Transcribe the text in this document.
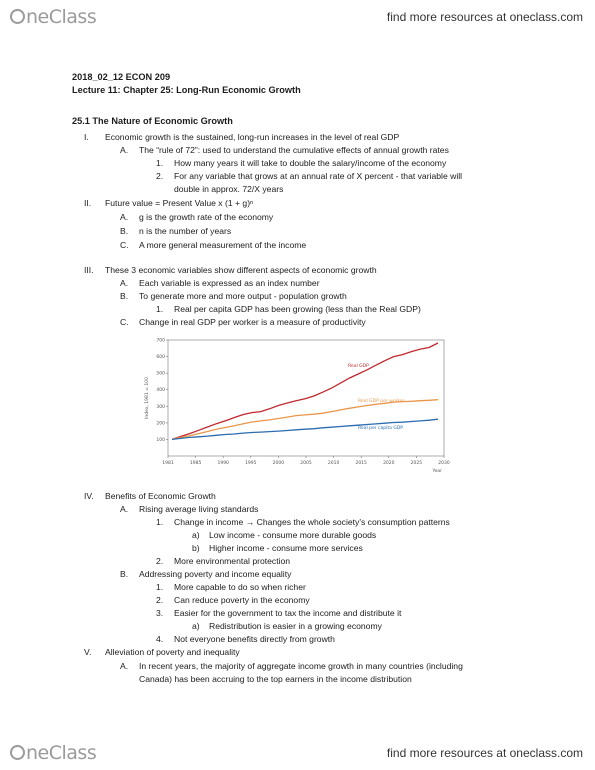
neClass	find more resources at oneclass.com
2018_02_12 ECON 209
Lecture 11: Chapter 25: Long-Run Economic Growth
25.1 The Nature of Economic Growth
I. Economic growth is the sustained, long-run increases in the level of real GDP
A. The “rule of 72”: used to understand the cumulative effects of annual growth rates
1. How many years it will take to double the salary/income of the economy
2. For any variable that grows at an annual rate of X percent - that variable will
double in approx. 72/X years
II. Future value = Present Value x (1 + g)ⁿ
A. g is the growth rate of the economy
B. n is the number of years
C. A more general measurement of the income
III. These 3 economic variables show different aspects of economic growth
A. Each variable is expressed as an index number
B. To generate more and more output - population growth
1. Real per capita GDP has been growing (less than the Real GDP)
C. Change in real GDP per worker is a measure of productivity
IV. Benefits of Economic Growth
A. Rising average living standards
1. Change in income → Changes the whole society's consumption patterns
a) Low income - consume more durable goods
b) Higher income - consume more services
2. More environmental protection
B. Addressing poverty and income equality
1. More capable to do so when richer
2. Can reduce poverty in the economy
3. Easier for the government to tax the income and distribute it
a) Redistribution is easier in a growing economy
4. Not everyone benefits directly from growth
V. Alleviation of poverty and inequality
A. In recent years, the majority of aggregate income growth in many countries (including
Canada) has been accruing to the top earners in the income distribution
100
200
300
400
500
600
700
1981	1985	1990	1995	2000	2005	2010	2015	2020	2025	2030
Index, 1981 = 100
Year
Real GDP
Real GDP per worker
Real per capita GDP
neClass	find more resources at oneclass.com
